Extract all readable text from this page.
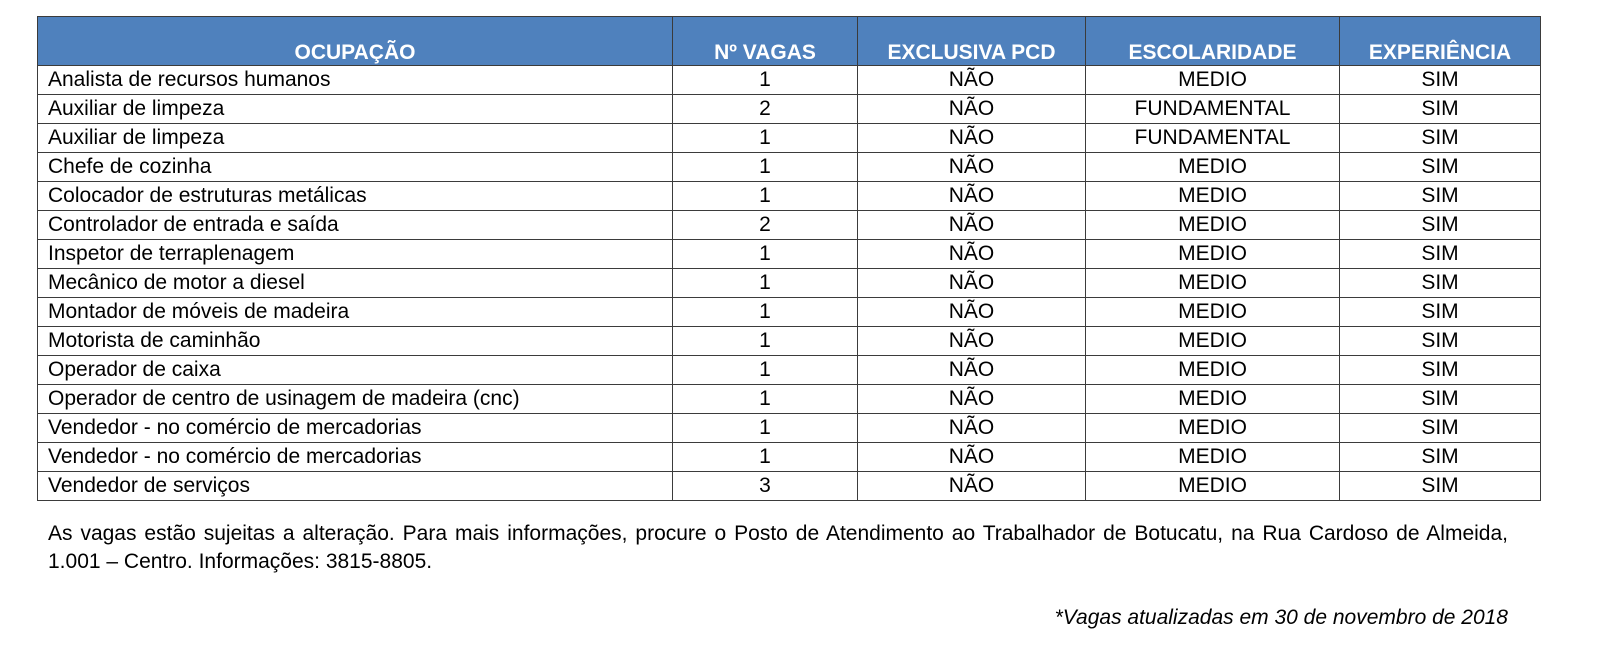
OCUPAÇÃO	Nº VAGAS	EXCLUSIVA PCD	ESCOLARIDADE	EXPERIÊNCIA
Analista de recursos humanos	1	NÃO	MEDIO	SIM
Auxiliar de limpeza	2	NÃO	FUNDAMENTAL	SIM
Auxiliar de limpeza	1	NÃO	FUNDAMENTAL	SIM
Chefe de cozinha	1	NÃO	MEDIO	SIM
Colocador de estruturas metálicas	1	NÃO	MEDIO	SIM
Controlador de entrada e saída	2	NÃO	MEDIO	SIM
Inspetor de terraplenagem	1	NÃO	MEDIO	SIM
Mecânico de motor a diesel	1	NÃO	MEDIO	SIM
Montador de móveis de madeira	1	NÃO	MEDIO	SIM
Motorista de caminhão	1	NÃO	MEDIO	SIM
Operador de caixa	1	NÃO	MEDIO	SIM
Operador de centro de usinagem de madeira (cnc)	1	NÃO	MEDIO	SIM
Vendedor - no comércio de mercadorias	1	NÃO	MEDIO	SIM
Vendedor - no comércio de mercadorias	1	NÃO	MEDIO	SIM
Vendedor de serviços	3	NÃO	MEDIO	SIM

As vagas estão sujeitas a alteração. Para mais informações, procure o Posto de Atendimento ao Trabalhador de Botucatu, na Rua Cardoso de Almeida, 1.001 – Centro. Informações: 3815-8805.

*Vagas atualizadas em 30 de novembro de 2018
